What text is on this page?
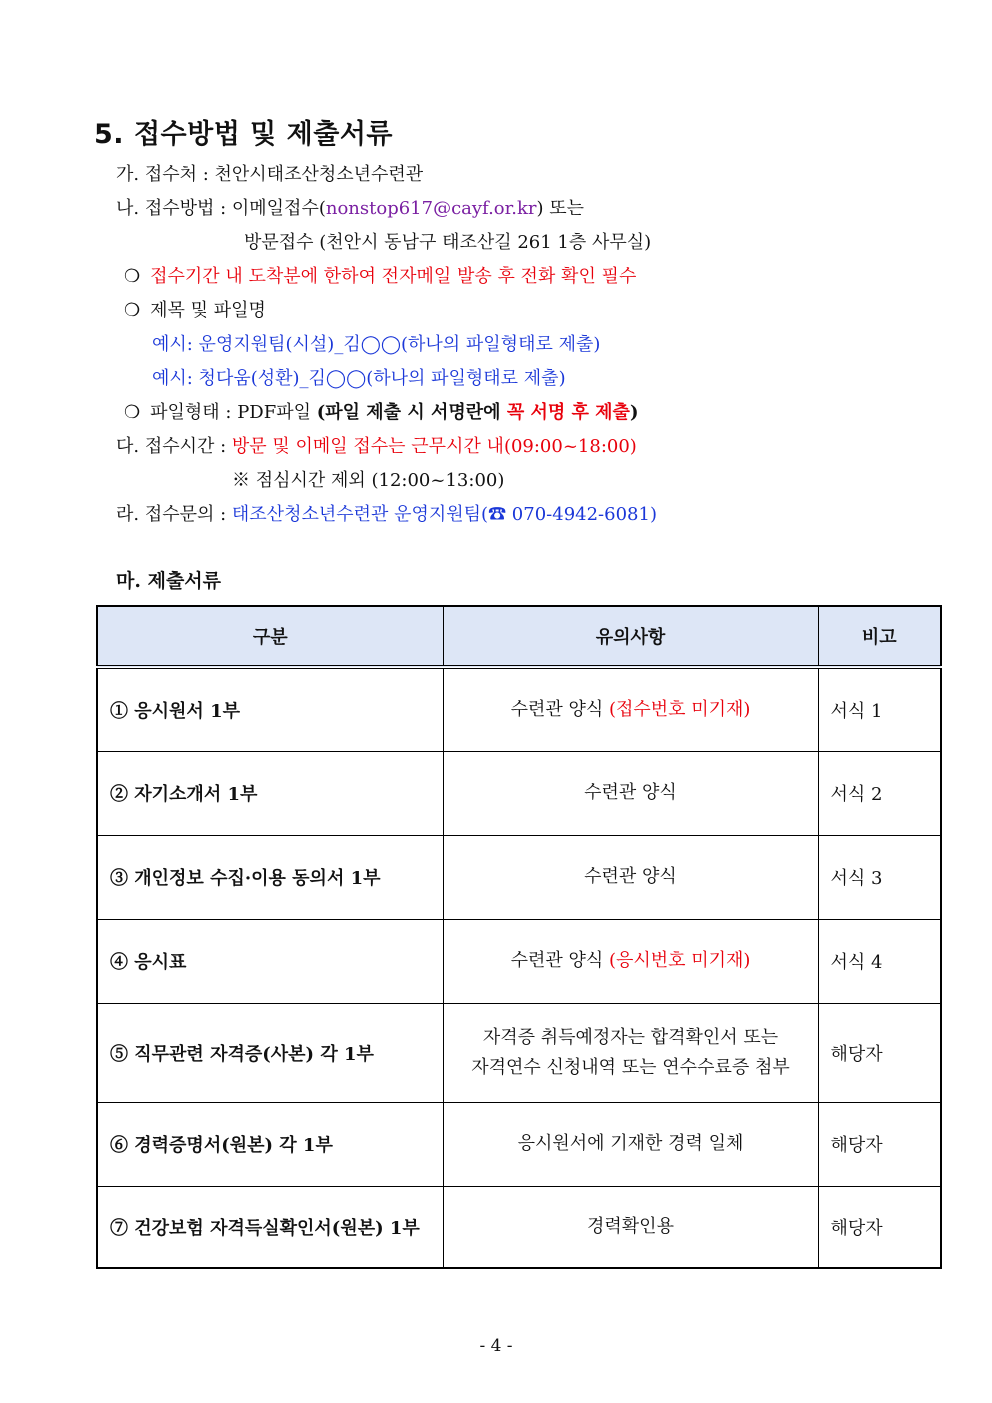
5. 접수방법 및 제출서류
가. 접수처 : 천안시태조산청소년수련관
나. 접수방법 : 이메일접수(nonstop617@cayf.or.kr) 또는
방문접수 (천안시 동남구 태조산길 261 1층 사무실)
❍ 접수기간 내 도착분에 한하여 전자메일 발송 후 전화 확인 필수
❍ 제목 및 파일명
예시: 운영지원팀(시설)_김◯◯(하나의 파일형태로 제출)
예시: 청다움(성환)_김◯◯(하나의 파일형태로 제출)
❍ 파일형태 : PDF파일 (파일 제출 시 서명란에 꼭 서명 후 제출)
다. 접수시간 : 방문 및 이메일 접수는 근무시간 내(09:00~18:00)
※ 점심시간 제외 (12:00~13:00)
라. 접수문의 : 태조산청소년수련관 운영지원팀(☎ 070-4942-6081)
마. 제출서류
구분	유의사항	비고
① 응시원서 1부	수련관 양식 (접수번호 미기재)	서식 1
② 자기소개서 1부	수련관 양식	서식 2
③ 개인정보 수집·이용 동의서 1부	수련관 양식	서식 3
④ 응시표	수련관 양식 (응시번호 미기재)	서식 4
⑤ 직무관련 자격증(사본) 각 1부	자격증 취득예정자는 합격확인서 또는
자격연수 신청내역 또는 연수수료증 첨부	해당자
⑥ 경력증명서(원본) 각 1부	응시원서에 기재한 경력 일체	해당자
⑦ 건강보험 자격득실확인서(원본) 1부	경력확인용	해당자
- 4 -
